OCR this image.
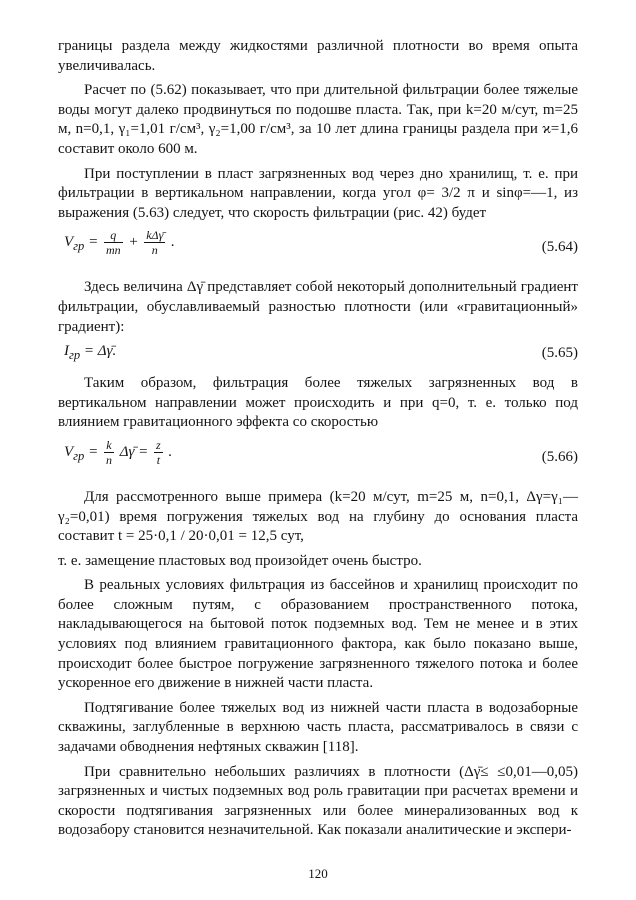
границы раздела между жидкостями различной плотности во время опыта увеличивалась.

Расчет по (5.62) показывает, что при длительной фильтрации более тяжелые воды могут далеко продвинуться по подошве пласта. Так, при k=20 м/сут, m=25 м, n=0,1, γ₁=1,01 г/см³, γ₂=1,00 г/см³, за 10 лет длина границы раздела при ϰ=1,6 составит около 600 м.

При поступлении в пласт загрязненных вод через дно хранилищ, т. е. при фильтрации в вертикальном направлении, когда угол φ= 3/2 π и sinφ=—1, из выражения (5.63) следует, что скорость фильтрации (рис. 42) будет

$V_{гр} = \frac{q}{mn} + \frac{\text{kΔγ̄}}{n}$ .	(5.64)

Здесь величина Δγ̄ представляет собой некоторый дополнительный градиент фильтрации, обуславливаемый разностью плотности (или «гравитационный» градиент):

$I_{гр}$ = Δγ̄.	(5.65)

Таким образом, фильтрация более тяжелых загрязненных вод в вертикальном направлении может происходить и при q=0, т. е. только под влиянием гравитационного эффекта со скоростью

$V_{гр} = \frac{k}{n}$ Δγ̄ = $\frac{z}{t}$ .	(5.66)

Для рассмотренного выше примера (k=20 м/сут, m=25 м, n=0,1, Δγ=γ₁—γ₂=0,01) время погружения тяжелых вод на глубину до основания пласта составит t = 25·0,1 / 20·0,01 = 12,5 сут,

т. е. замещение пластовых вод произойдет очень быстро.

В реальных условиях фильтрация из бассейнов и хранилищ происходит по более сложным путям, с образованием пространственного потока, накладывающегося на бытовой поток подземных вод. Тем не менее и в этих условиях под влиянием гравитационного фактора, как было показано выше, происходит более быстрое погружение загрязненного тяжелого потока и более ускоренное его движение в нижней части пласта.

Подтягивание более тяжелых вод из нижней части пласта в водозаборные скважины, заглубленные в верхнюю часть пласта, рассматривалось в связи с задачами обводнения нефтяных скважин [118].

При сравнительно небольших различиях в плотности (Δγ̄≤ ≤0,01—0,05) загрязненных и чистых подземных вод роль гравитации при расчетах времени и скорости подтягивания загрязненных или более минерализованных вод к водозабору становится незначительной. Как показали аналитические и экспери-

120
